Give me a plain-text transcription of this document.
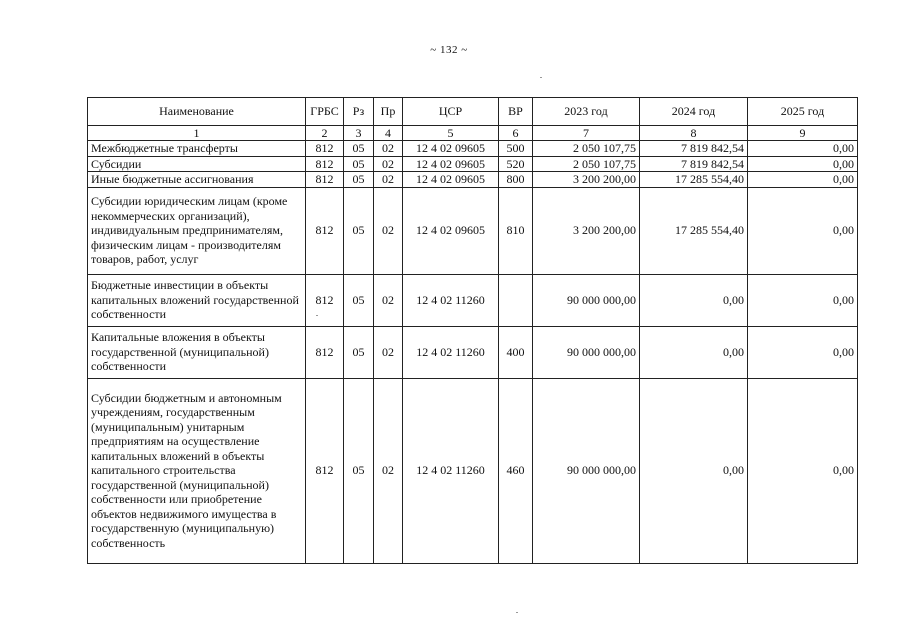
~ 132 ~
Наименование	ГРБС	Рз	Пр	ЦСР	ВР	2023 год	2024 год	2025 год
1	2	3	4	5	6	7	8	9
Межбюджетные трансферты	812	05	02	12 4 02 09605	500	2 050 107,75	7 819 842,54	0,00
Субсидии	812	05	02	12 4 02 09605	520	2 050 107,75	7 819 842,54	0,00
Иные бюджетные ассигнования	812	05	02	12 4 02 09605	800	3 200 200,00	17 285 554,40	0,00
Субсидии юридическим лицам (кроме некоммерческих организаций), индивидуальным предпринимателям, физическим лицам - производителям товаров, работ, услуг	812	05	02	12 4 02 09605	810	3 200 200,00	17 285 554,40	0,00
Бюджетные инвестиции в объекты капитальных вложений государственной собственности	812	05	02	12 4 02 11260		90 000 000,00	0,00	0,00
Капитальные вложения в объекты государственной (муниципальной) собственности	812	05	02	12 4 02 11260	400	90 000 000,00	0,00	0,00
Субсидии бюджетным и автономным учреждениям, государственным (муниципальным) унитарным предприятиям на осуществление капитальных вложений в объекты капитального строительства государственной (муниципальной) собственности или приобретение объектов недвижимого имущества в государственную (муниципальную) собственность	812	05	02	12 4 02 11260	460	90 000 000,00	0,00	0,00
